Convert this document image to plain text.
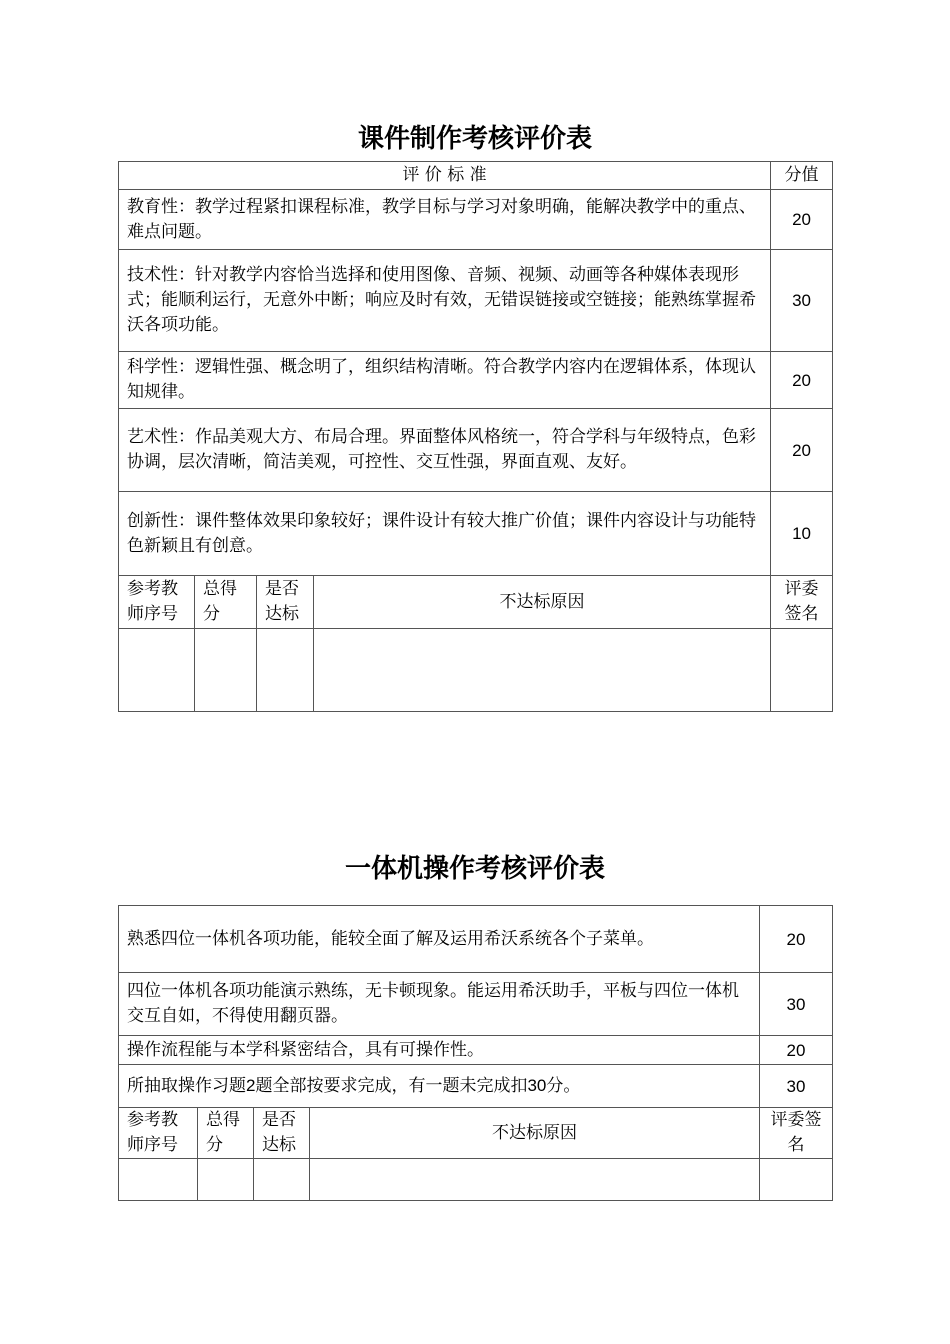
课件制作考核评价表
评 价 标 准				分值
教育性：教学过程紧扣课程标准，教学目标与学习对象明确，能解决教学中的重点、难点问题。				20
技术性：针对教学内容恰当选择和使用图像、音频、视频、动画等各种媒体表现形式；能顺利运行，无意外中断；响应及时有效，无错误链接或空链接；能熟练掌握希沃各项功能。				30
科学性：逻辑性强、概念明了，组织结构清晰。符合教学内容内在逻辑体系，体现认知规律。				20
艺术性：作品美观大方、布局合理。界面整体风格统一，符合学科与年级特点，色彩协调，层次清晰，简洁美观，可控性、交互性强，界面直观、友好。				20
创新性：课件整体效果印象较好；课件设计有较大推广价值；课件内容设计与功能特色新颖且有创意。				10
参考教师序号	总得分	是否达标	不达标原因	评委签名

一体机操作考核评价表
熟悉四位一体机各项功能，能较全面了解及运用希沃系统各个子菜单。				20
四位一体机各项功能演示熟练，无卡顿现象。能运用希沃助手，平板与四位一体机交互自如，不得使用翻页器。				30
操作流程能与本学科紧密结合，具有可操作性。				20
所抽取操作习题2题全部按要求完成，有一题未完成扣30分。				30
参考教师序号	总得分	是否达标	不达标原因	评委签名
